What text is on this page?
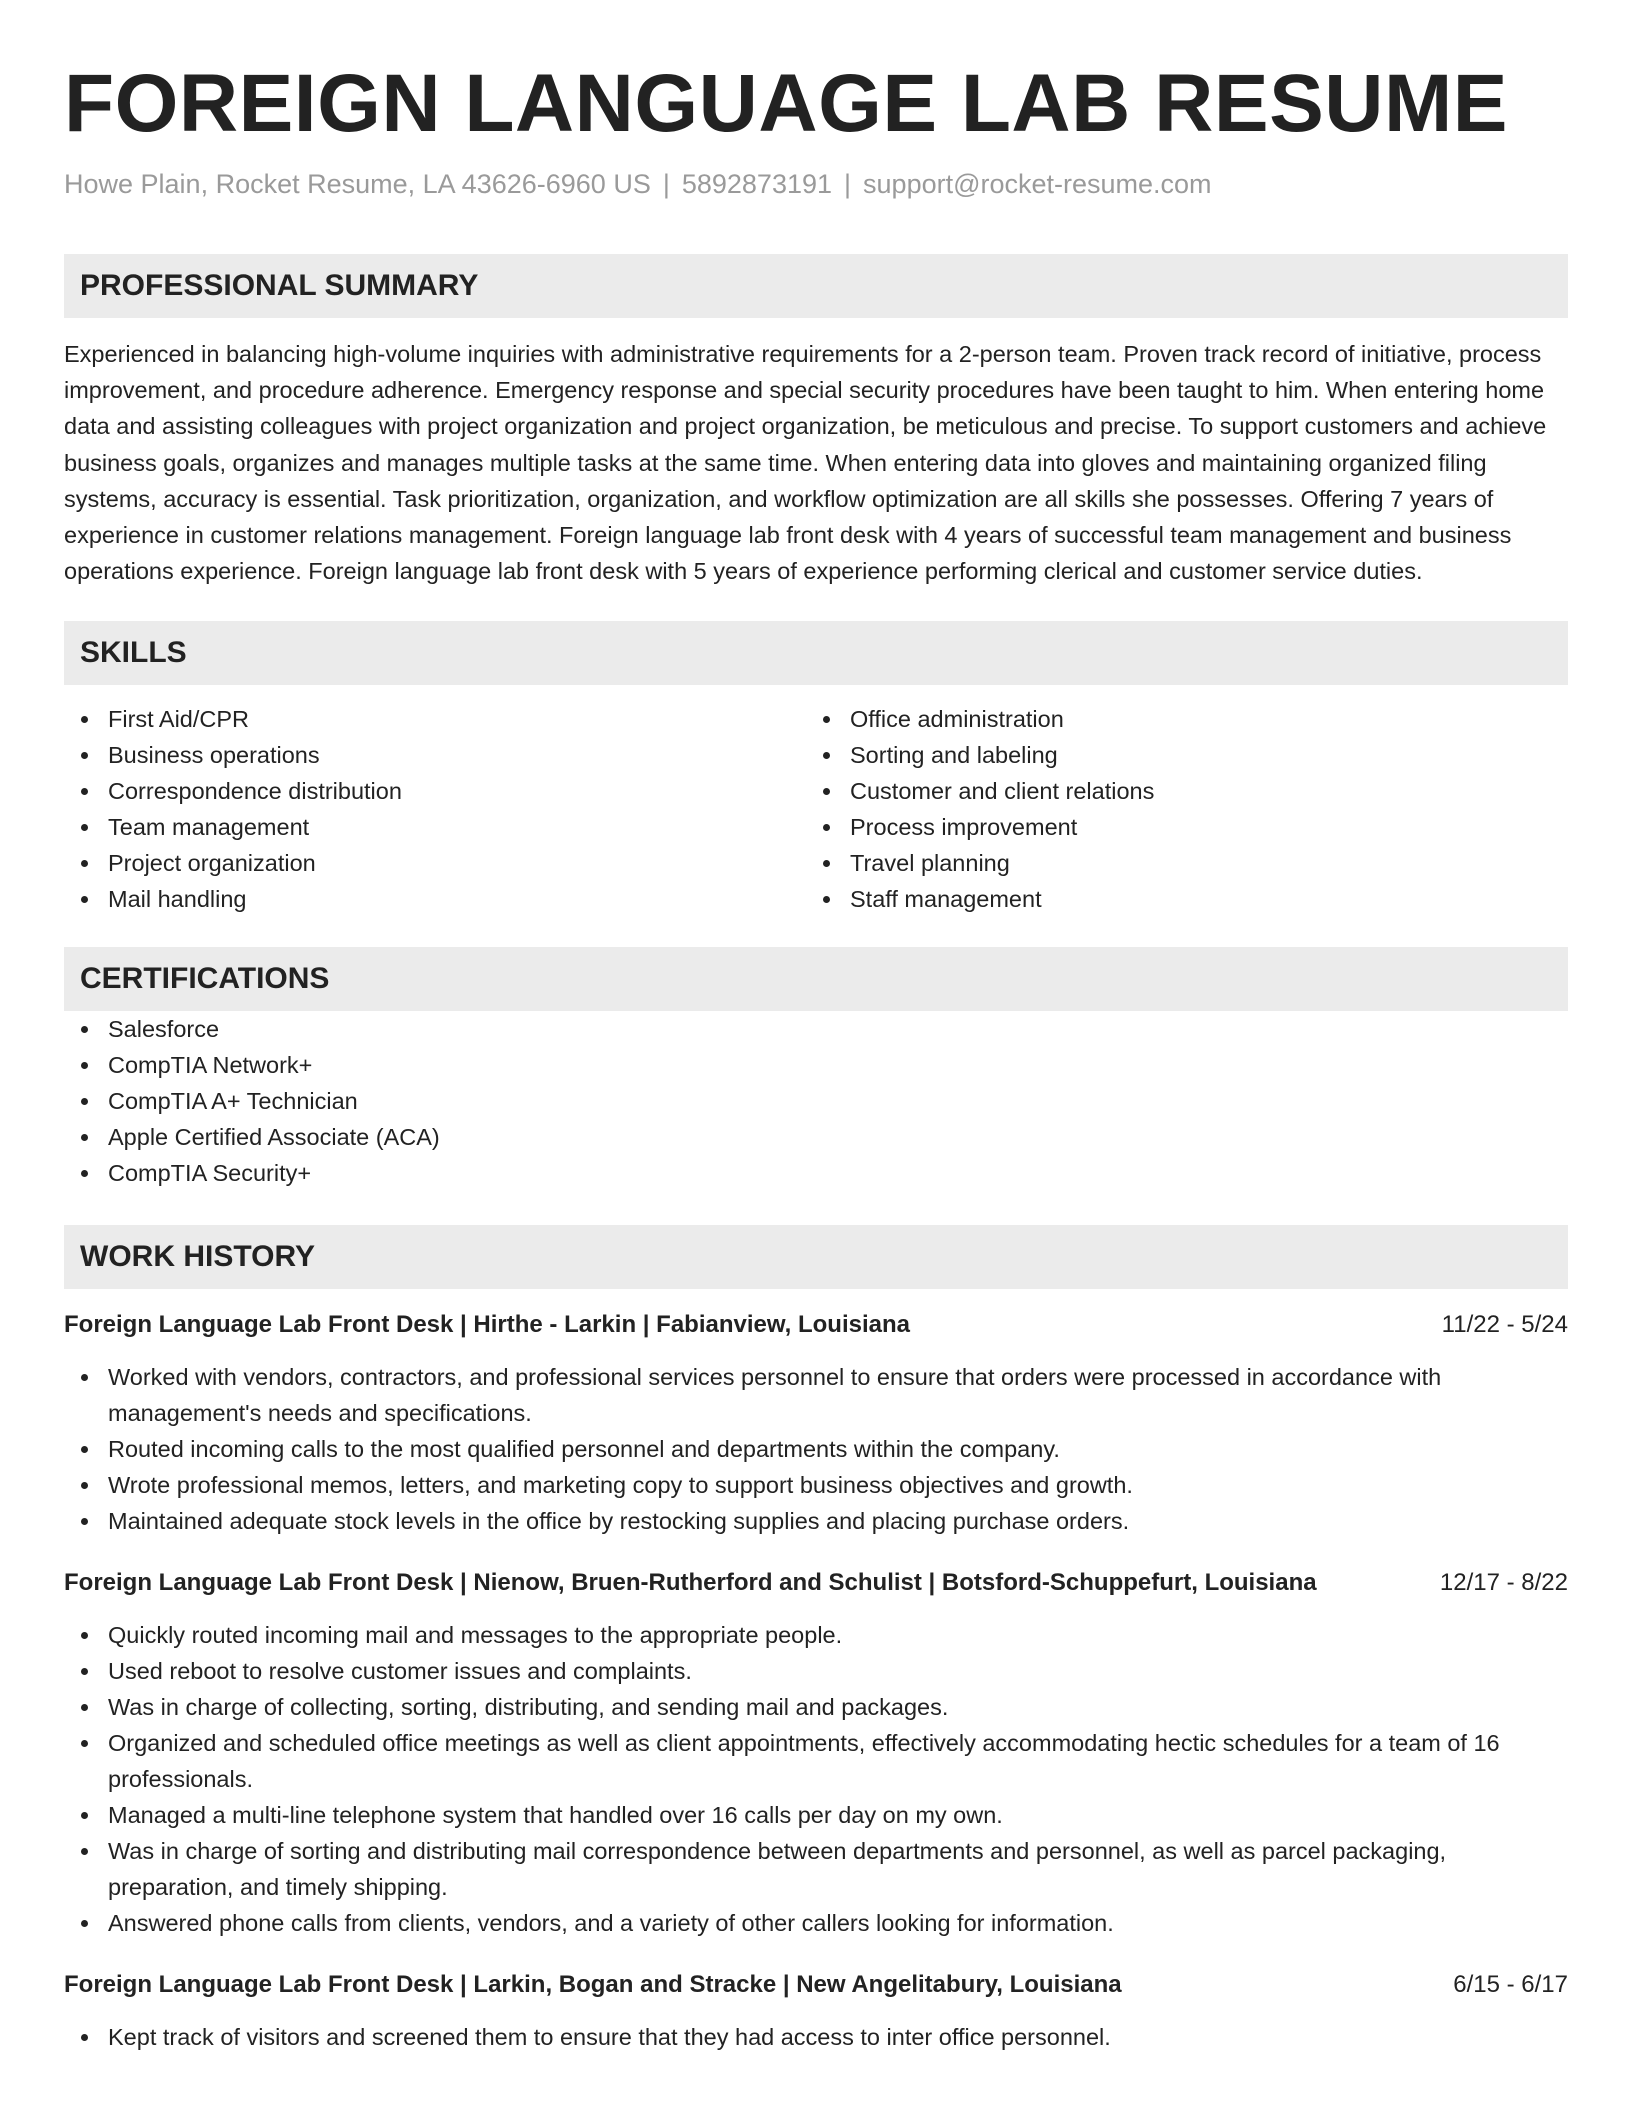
FOREIGN LANGUAGE LAB RESUME
Howe Plain, Rocket Resume, LA 43626-6960 US | 5892873191 | support@rocket-resume.com
PROFESSIONAL SUMMARY

Experienced in balancing high-volume inquiries with administrative requirements for a 2-person team. Proven track record of initiative, process improvement, and procedure adherence. Emergency response and special security procedures have been taught to him. When entering home data and assisting colleagues with project organization and project organization, be meticulous and precise. To support customers and achieve business goals, organizes and manages multiple tasks at the same time. When entering data into gloves and maintaining organized filing systems, accuracy is essential. Task prioritization, organization, and workflow optimization are all skills she possesses. Offering 7 years of experience in customer relations management. Foreign language lab front desk with 4 years of successful team management and business operations experience. Foreign language lab front desk with 5 years of experience performing clerical and customer service duties.

SKILLS
First Aid/CPR
Business operations
Correspondence distribution
Team management
Project organization
Mail handling
Office administration
Sorting and labeling
Customer and client relations
Process improvement
Travel planning
Staff management
CERTIFICATIONS
Salesforce
CompTIA Network+
CompTIA A+ Technician
Apple Certified Associate (ACA)
CompTIA Security+
WORK HISTORY
Foreign Language Lab Front Desk | Hirthe - Larkin | Fabianview, Louisiana	11/22 - 5/24
Worked with vendors, contractors, and professional services personnel to ensure that orders were processed in accordance with management's needs and specifications.
Routed incoming calls to the most qualified personnel and departments within the company.
Wrote professional memos, letters, and marketing copy to support business objectives and growth.
Maintained adequate stock levels in the office by restocking supplies and placing purchase orders.
Foreign Language Lab Front Desk | Nienow, Bruen-Rutherford and Schulist | Botsford-Schuppefurt, Louisiana	12/17 - 8/22
Quickly routed incoming mail and messages to the appropriate people.
Used reboot to resolve customer issues and complaints.
Was in charge of collecting, sorting, distributing, and sending mail and packages.
Organized and scheduled office meetings as well as client appointments, effectively accommodating hectic schedules for a team of 16 professionals.
Managed a multi-line telephone system that handled over 16 calls per day on my own.
Was in charge of sorting and distributing mail correspondence between departments and personnel, as well as parcel packaging, preparation, and timely shipping.
Answered phone calls from clients, vendors, and a variety of other callers looking for information.
Foreign Language Lab Front Desk | Larkin, Bogan and Stracke | New Angelitabury, Louisiana	6/15 - 6/17
Kept track of visitors and screened them to ensure that they had access to inter office personnel.
